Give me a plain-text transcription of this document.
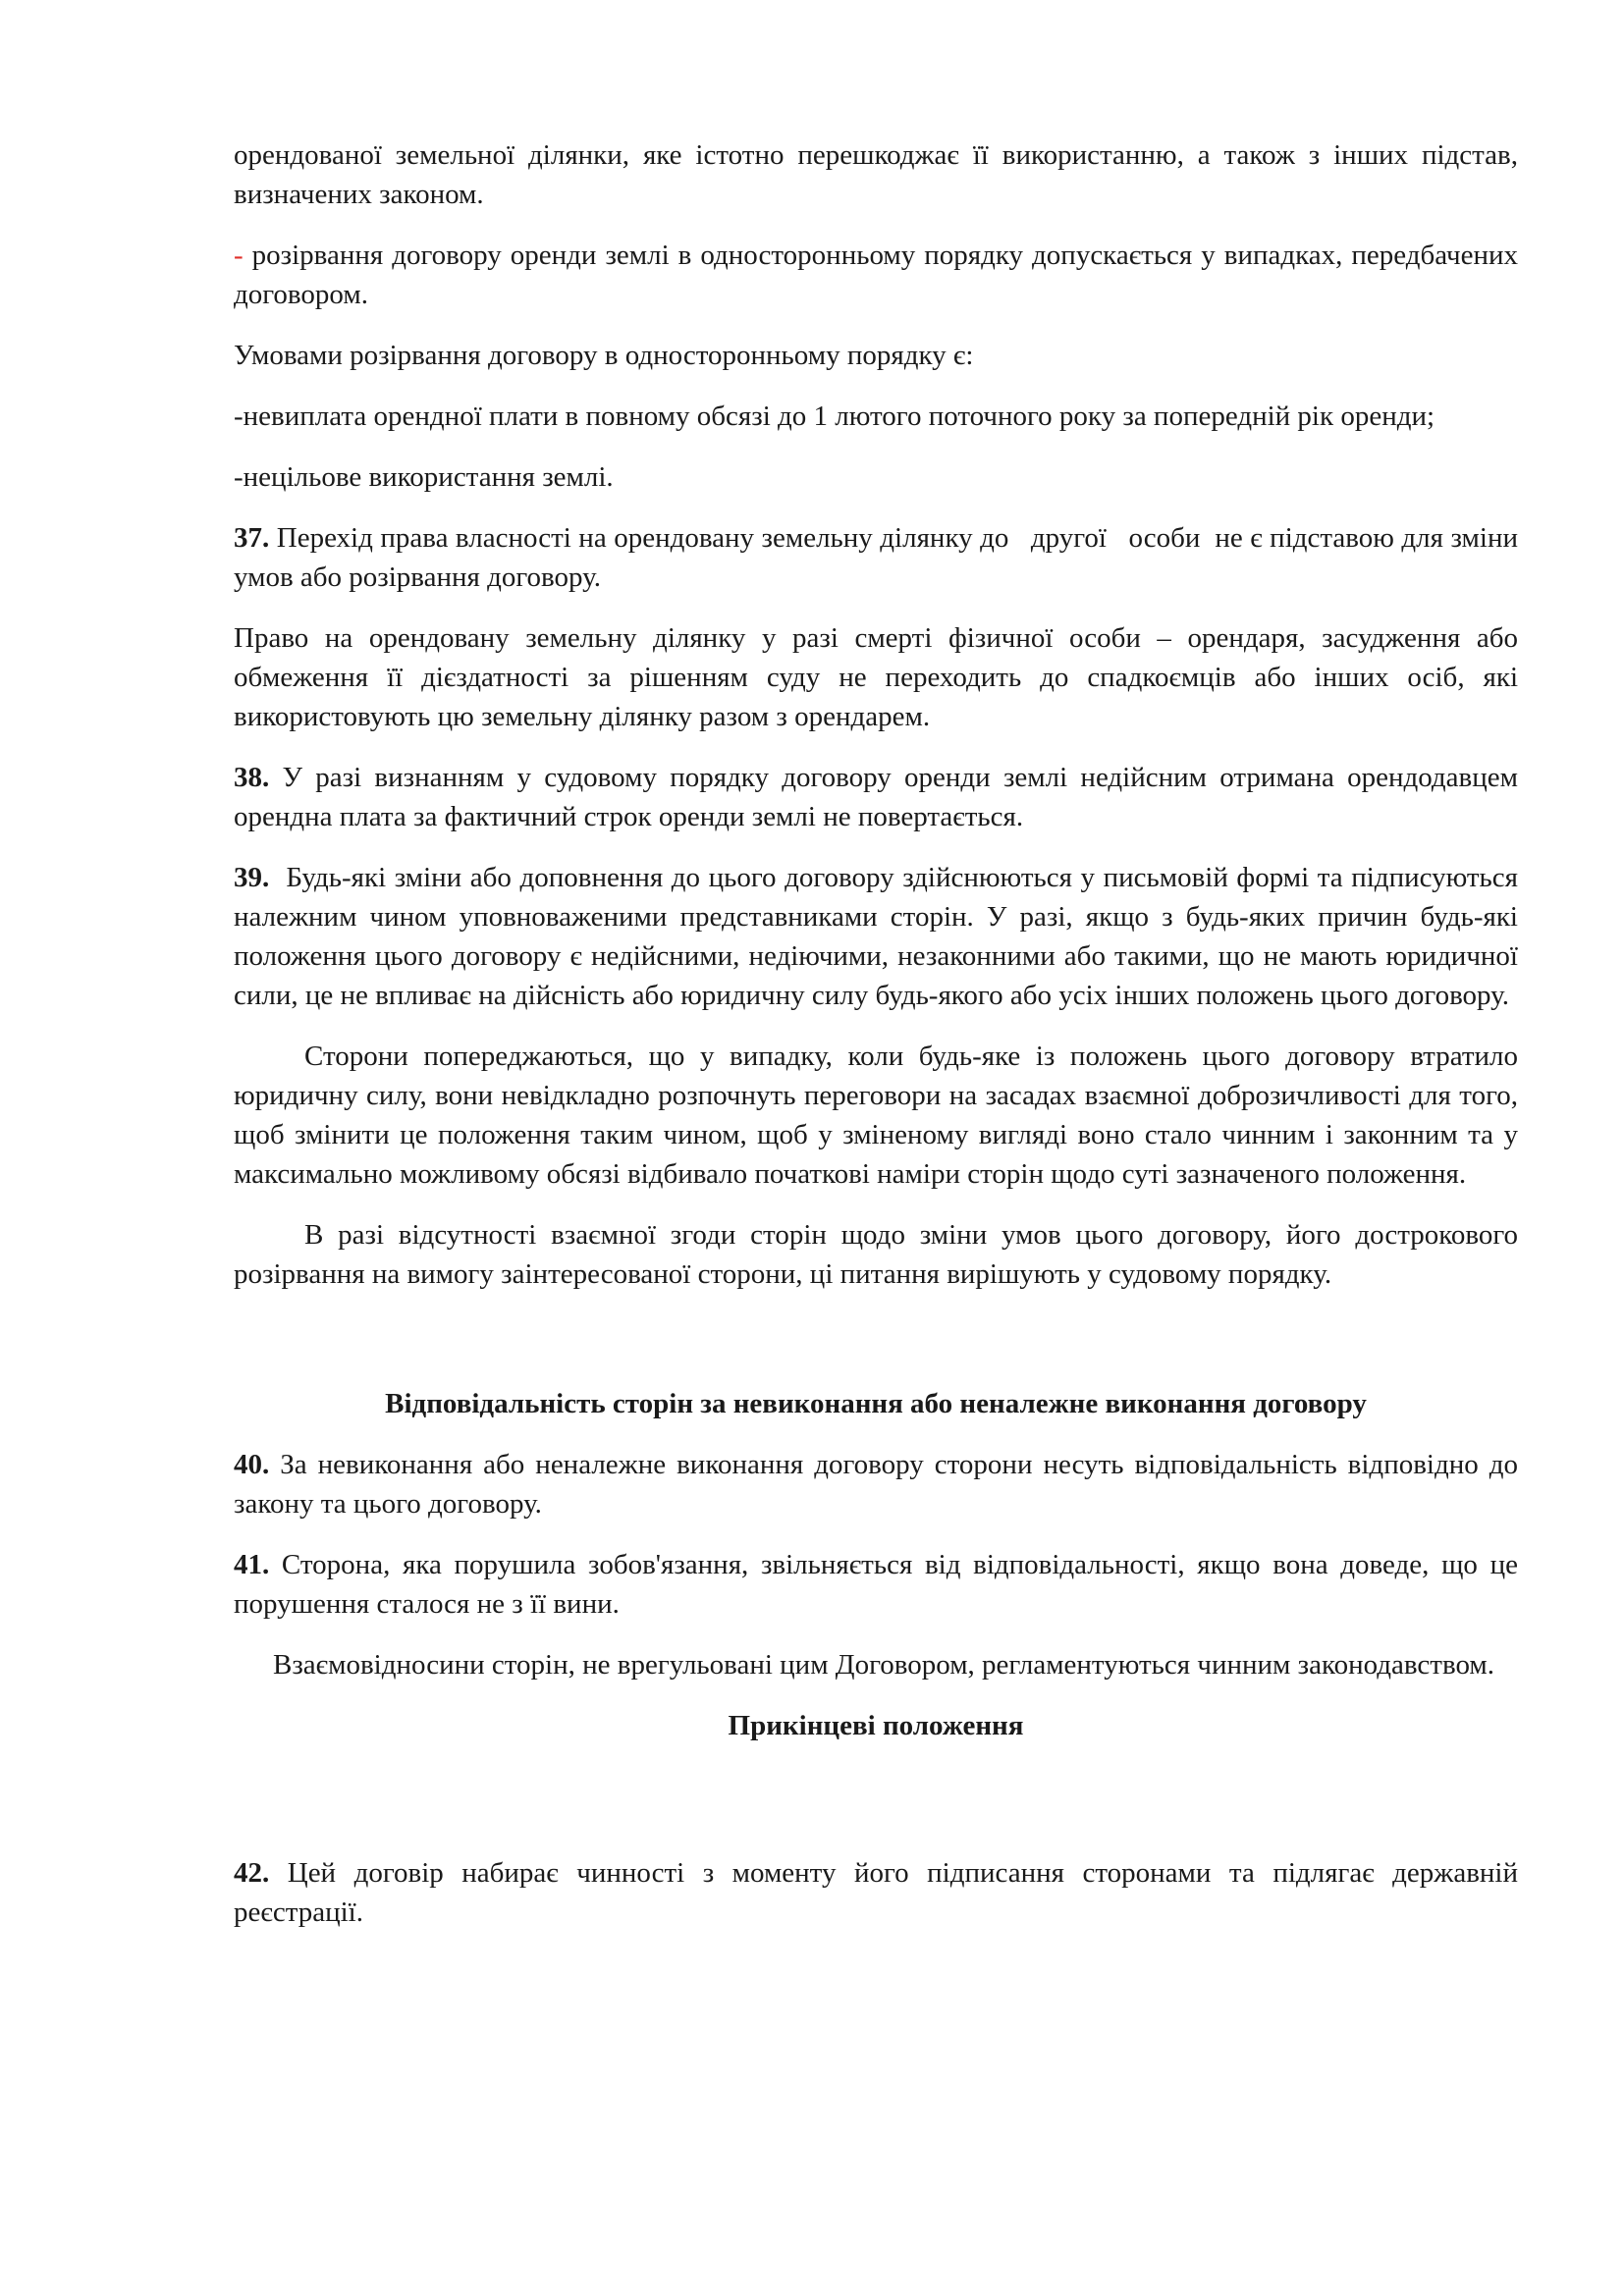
орендованої земельної ділянки, яке істотно перешкоджає її використанню, а також з інших підстав, визначених законом.

- розірвання договору оренди землі в односторонньому порядку допускається у випадках, передбачених договором.

Умовами розірвання договору в односторонньому порядку є:

-невиплата орендної плати в повному обсязі до 1 лютого поточного року за попередній рік оренди;

-нецільове використання землі.

37. Перехід права власності на орендовану земельну ділянку до   другої   особи  не є підставою для зміни умов або розірвання договору.

Право на орендовану земельну ділянку у разі смерті фізичної особи – орендаря, засудження або обмеження її дієздатності за рішенням суду не переходить до спадкоємців або інших осіб, які використовують цю земельну ділянку разом з орендарем.

38. У разі визнанням у судовому порядку договору оренди землі недійсним отримана орендодавцем орендна плата за фактичний строк оренди землі не повертається.

39.  Будь-які зміни або доповнення до цього договору здійснюються у письмовій формі та підписуються належним чином уповноваженими представниками сторін. У разі, якщо з будь-яких причин будь-які положення цього договору є недійсними, недіючими, незаконними або такими, що не мають юридичної сили, це не впливає на дійсність або юридичну силу будь-якого або усіх інших положень цього договору.

Сторони попереджаються, що у випадку, коли будь-яке із положень цього договору втратило юридичну силу, вони невідкладно розпочнуть переговори на засадах взаємної доброзичливості для того, щоб змінити це положення таким чином, щоб у зміненому вигляді воно стало чинним і законним та у максимально можливому обсязі відбивало початкові наміри сторін щодо суті зазначеного положення.

В разі відсутності взаємної згоди сторін щодо зміни умов цього договору, його дострокового розірвання на вимогу заінтересованої сторони, ці питання вирішують у судовому порядку.

Відповідальність сторін за невиконання або неналежне виконання договору

40. За невиконання або неналежне виконання договору сторони несуть відповідальність відповідно до закону та цього договору.

41. Сторона, яка порушила зобов'язання, звільняється від відповідальності, якщо вона доведе, що це порушення сталося не з її вини.

Взаємовідносини сторін, не врегульовані цим Договором, регламентуються чинним законодавством.

Прикінцеві положення

42. Цей договір набирає чинності з моменту його підписання сторонами та підлягає державній реєстрації.
